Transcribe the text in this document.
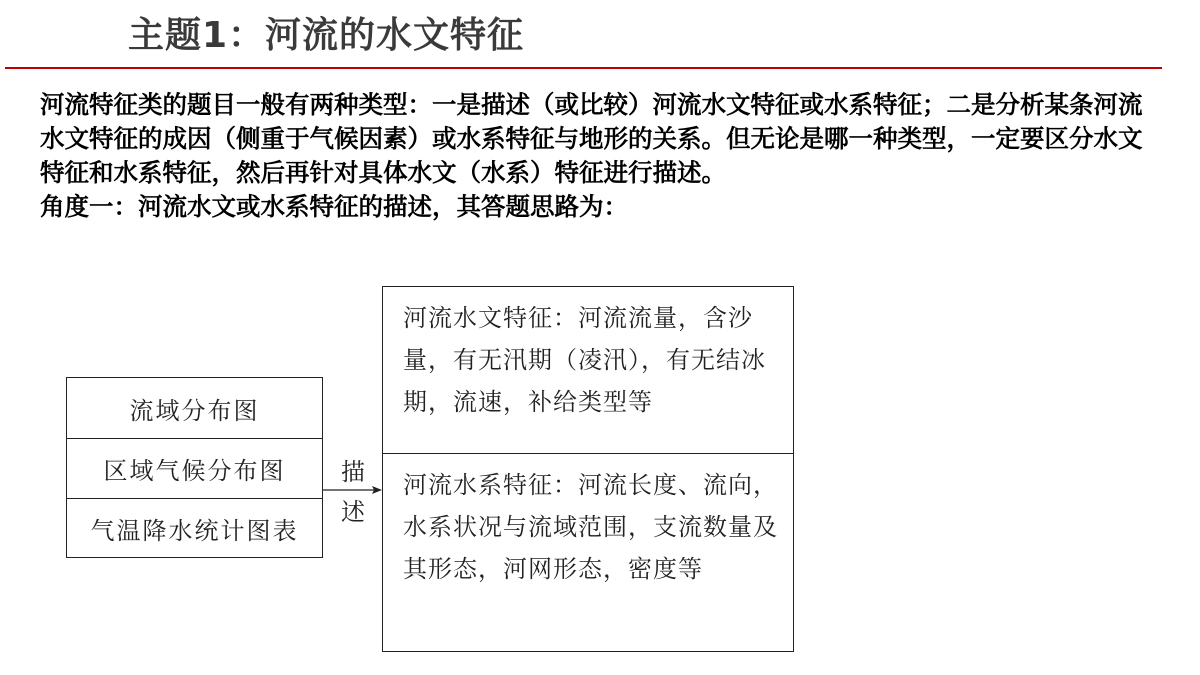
主题1：河流的水文特征

河流特征类的题目一般有两种类型：一是描述（或比较）河流水文特征或水系特征；二是分析某条河流水文特征的成因（侧重于气候因素）或水系特征与地形的关系。但无论是哪一种类型，一定要区分水文特征和水系特征，然后再针对具体水文（水系）特征进行描述。

角度一：河流水文或水系特征的描述，其答题思路为：

流域分布图
区域气候分布图
气温降水统计图表
描
述
河流水文特征：河流流量，含沙量，有无汛期（凌汛），有无结冰期，流速，补给类型等
河流水系特征：河流长度、流向，水系状况与流域范围，支流数量及其形态，河网形态，密度等
